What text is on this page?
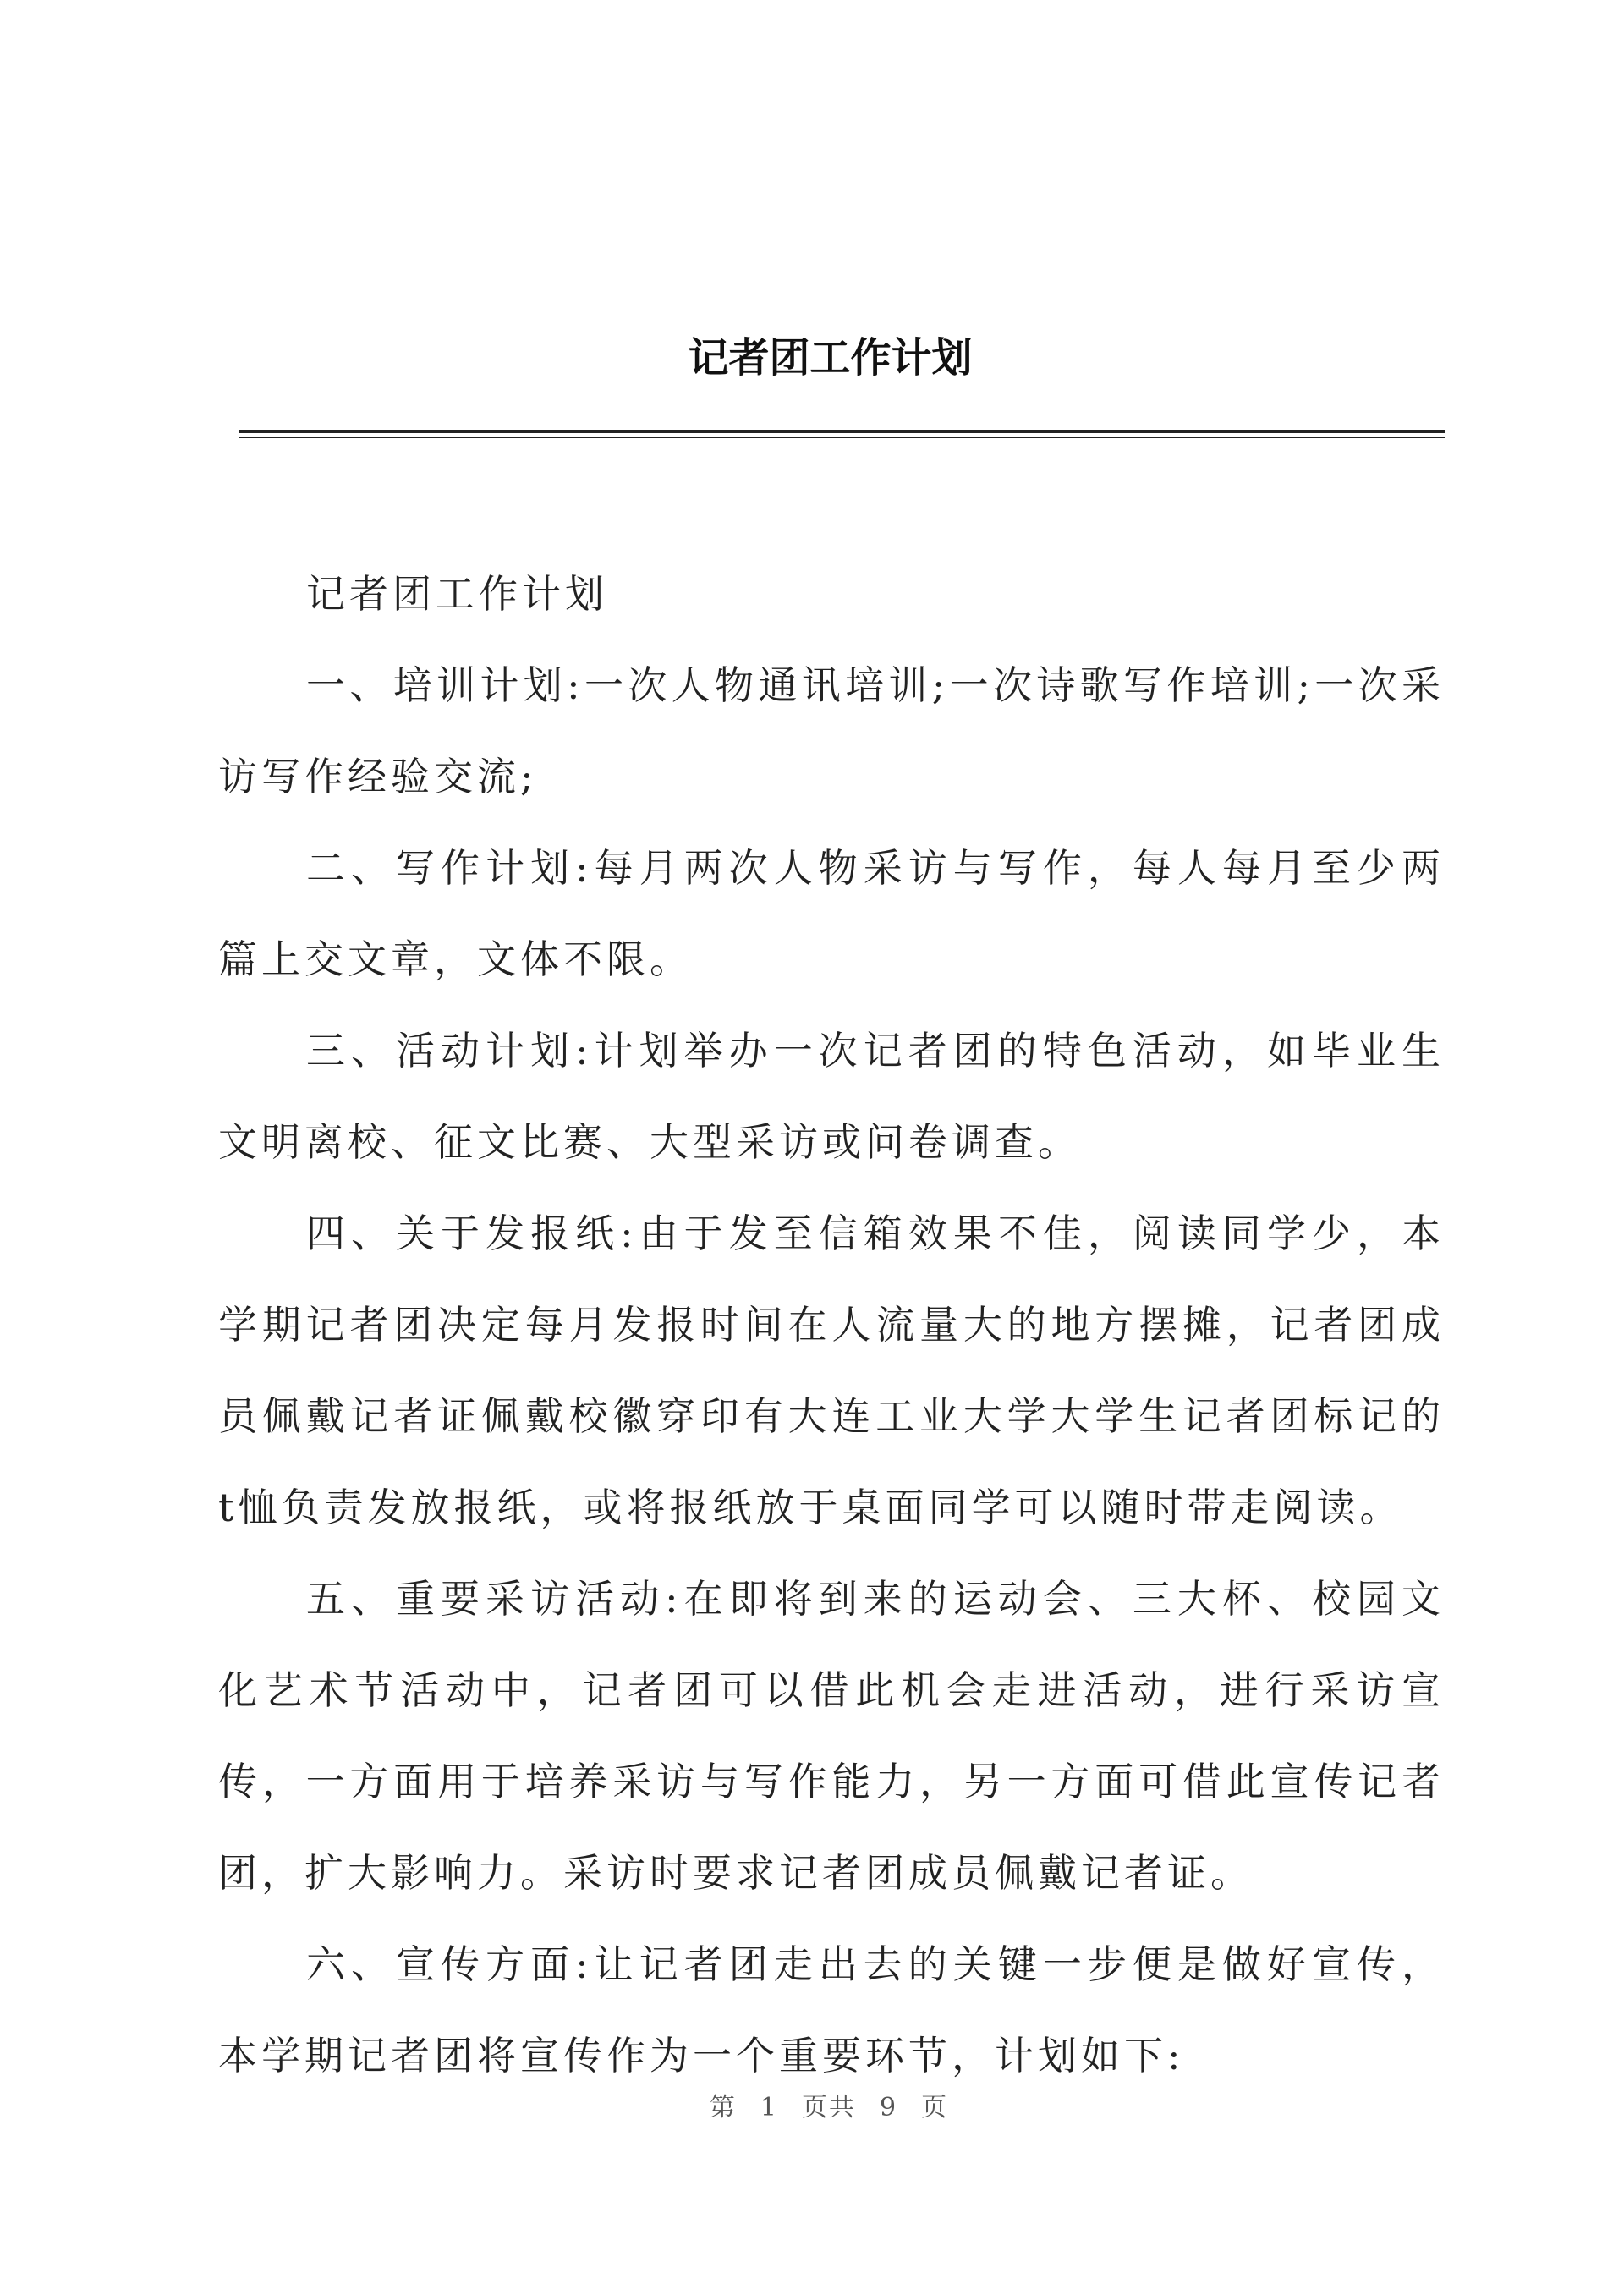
记者团工作计划

记者团工作计划

一、培训计划:一次人物通讯培训;一次诗歌写作培训;一次采访写作经验交流;

二、写作计划:每月两次人物采访与写作，每人每月至少两篇上交文章，文体不限。

三、活动计划:计划举办一次记者团的特色活动，如毕业生文明离校、征文比赛、大型采访或问卷调查。

四、关于发报纸:由于发至信箱效果不佳，阅读同学少，本学期记者团决定每月发报时间在人流量大的地方摆摊，记者团成员佩戴记者证佩戴校徽穿印有大连工业大学大学生记者团标记的t恤负责发放报纸，或将报纸放于桌面同学可以随时带走阅读。

五、重要采访活动:在即将到来的运动会、三大杯、校园文化艺术节活动中，记者团可以借此机会走进活动，进行采访宣传，一方面用于培养采访与写作能力，另一方面可借此宣传记者团，扩大影响力。采访时要求记者团成员佩戴记者证。

六、宣传方面:让记者团走出去的关键一步便是做好宣传，本学期记者团将宣传作为一个重要环节，计划如下:

第 1 页共 9 页
